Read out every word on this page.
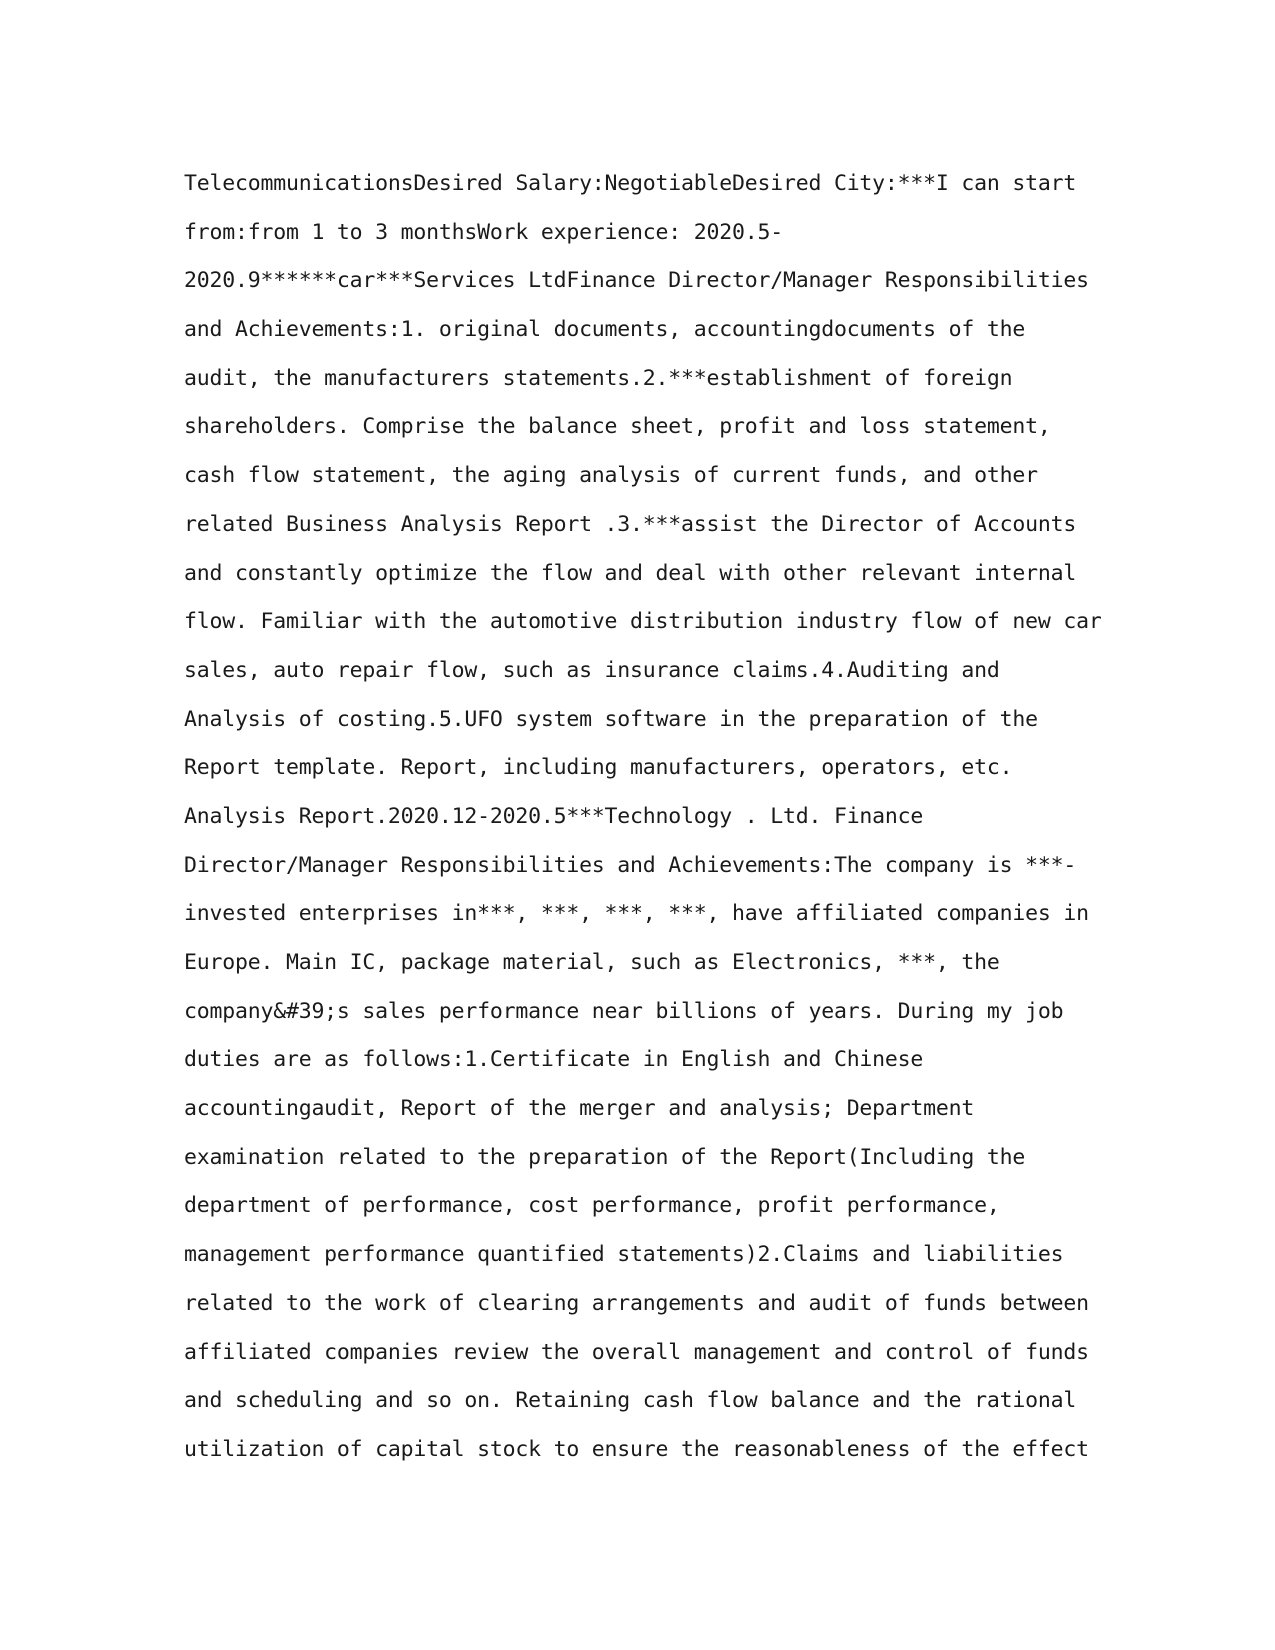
TelecommunicationsDesired Salary:NegotiableDesired City:***I can start
from:from 1 to 3 monthsWork experience: 2020.5-
2020.9******car***Services LtdFinance Director/Manager Responsibilities
and Achievements:1. original documents, accountingdocuments of the
audit, the manufacturers statements.2.***establishment of foreign
shareholders. Comprise the balance sheet, profit and loss statement,
cash flow statement, the aging analysis of current funds, and other
related Business Analysis Report .3.***assist the Director of Accounts
and constantly optimize the flow and deal with other relevant internal
flow. Familiar with the automotive distribution industry flow of new car
sales, auto repair flow, such as insurance claims.4.Auditing and
Analysis of costing.5.UFO system software in the preparation of the
Report template. Report, including manufacturers, operators, etc.
Analysis Report.2020.12-2020.5***Technology . Ltd. Finance
Director/Manager Responsibilities and Achievements:The company is ***-
invested enterprises in***, ***, ***, ***, have affiliated companies in
Europe. Main IC, package material, such as Electronics, ***, the
company&#39;s sales performance near billions of years. During my job
duties are as follows:1.Certificate in English and Chinese
accountingaudit, Report of the merger and analysis; Department
examination related to the preparation of the Report(Including the
department of performance, cost performance, profit performance,
management performance quantified statements)2.Claims and liabilities
related to the work of clearing arrangements and audit of funds between
affiliated companies review the overall management and control of funds
and scheduling and so on. Retaining cash flow balance and the rational
utilization of capital stock to ensure the reasonableness of the effect
